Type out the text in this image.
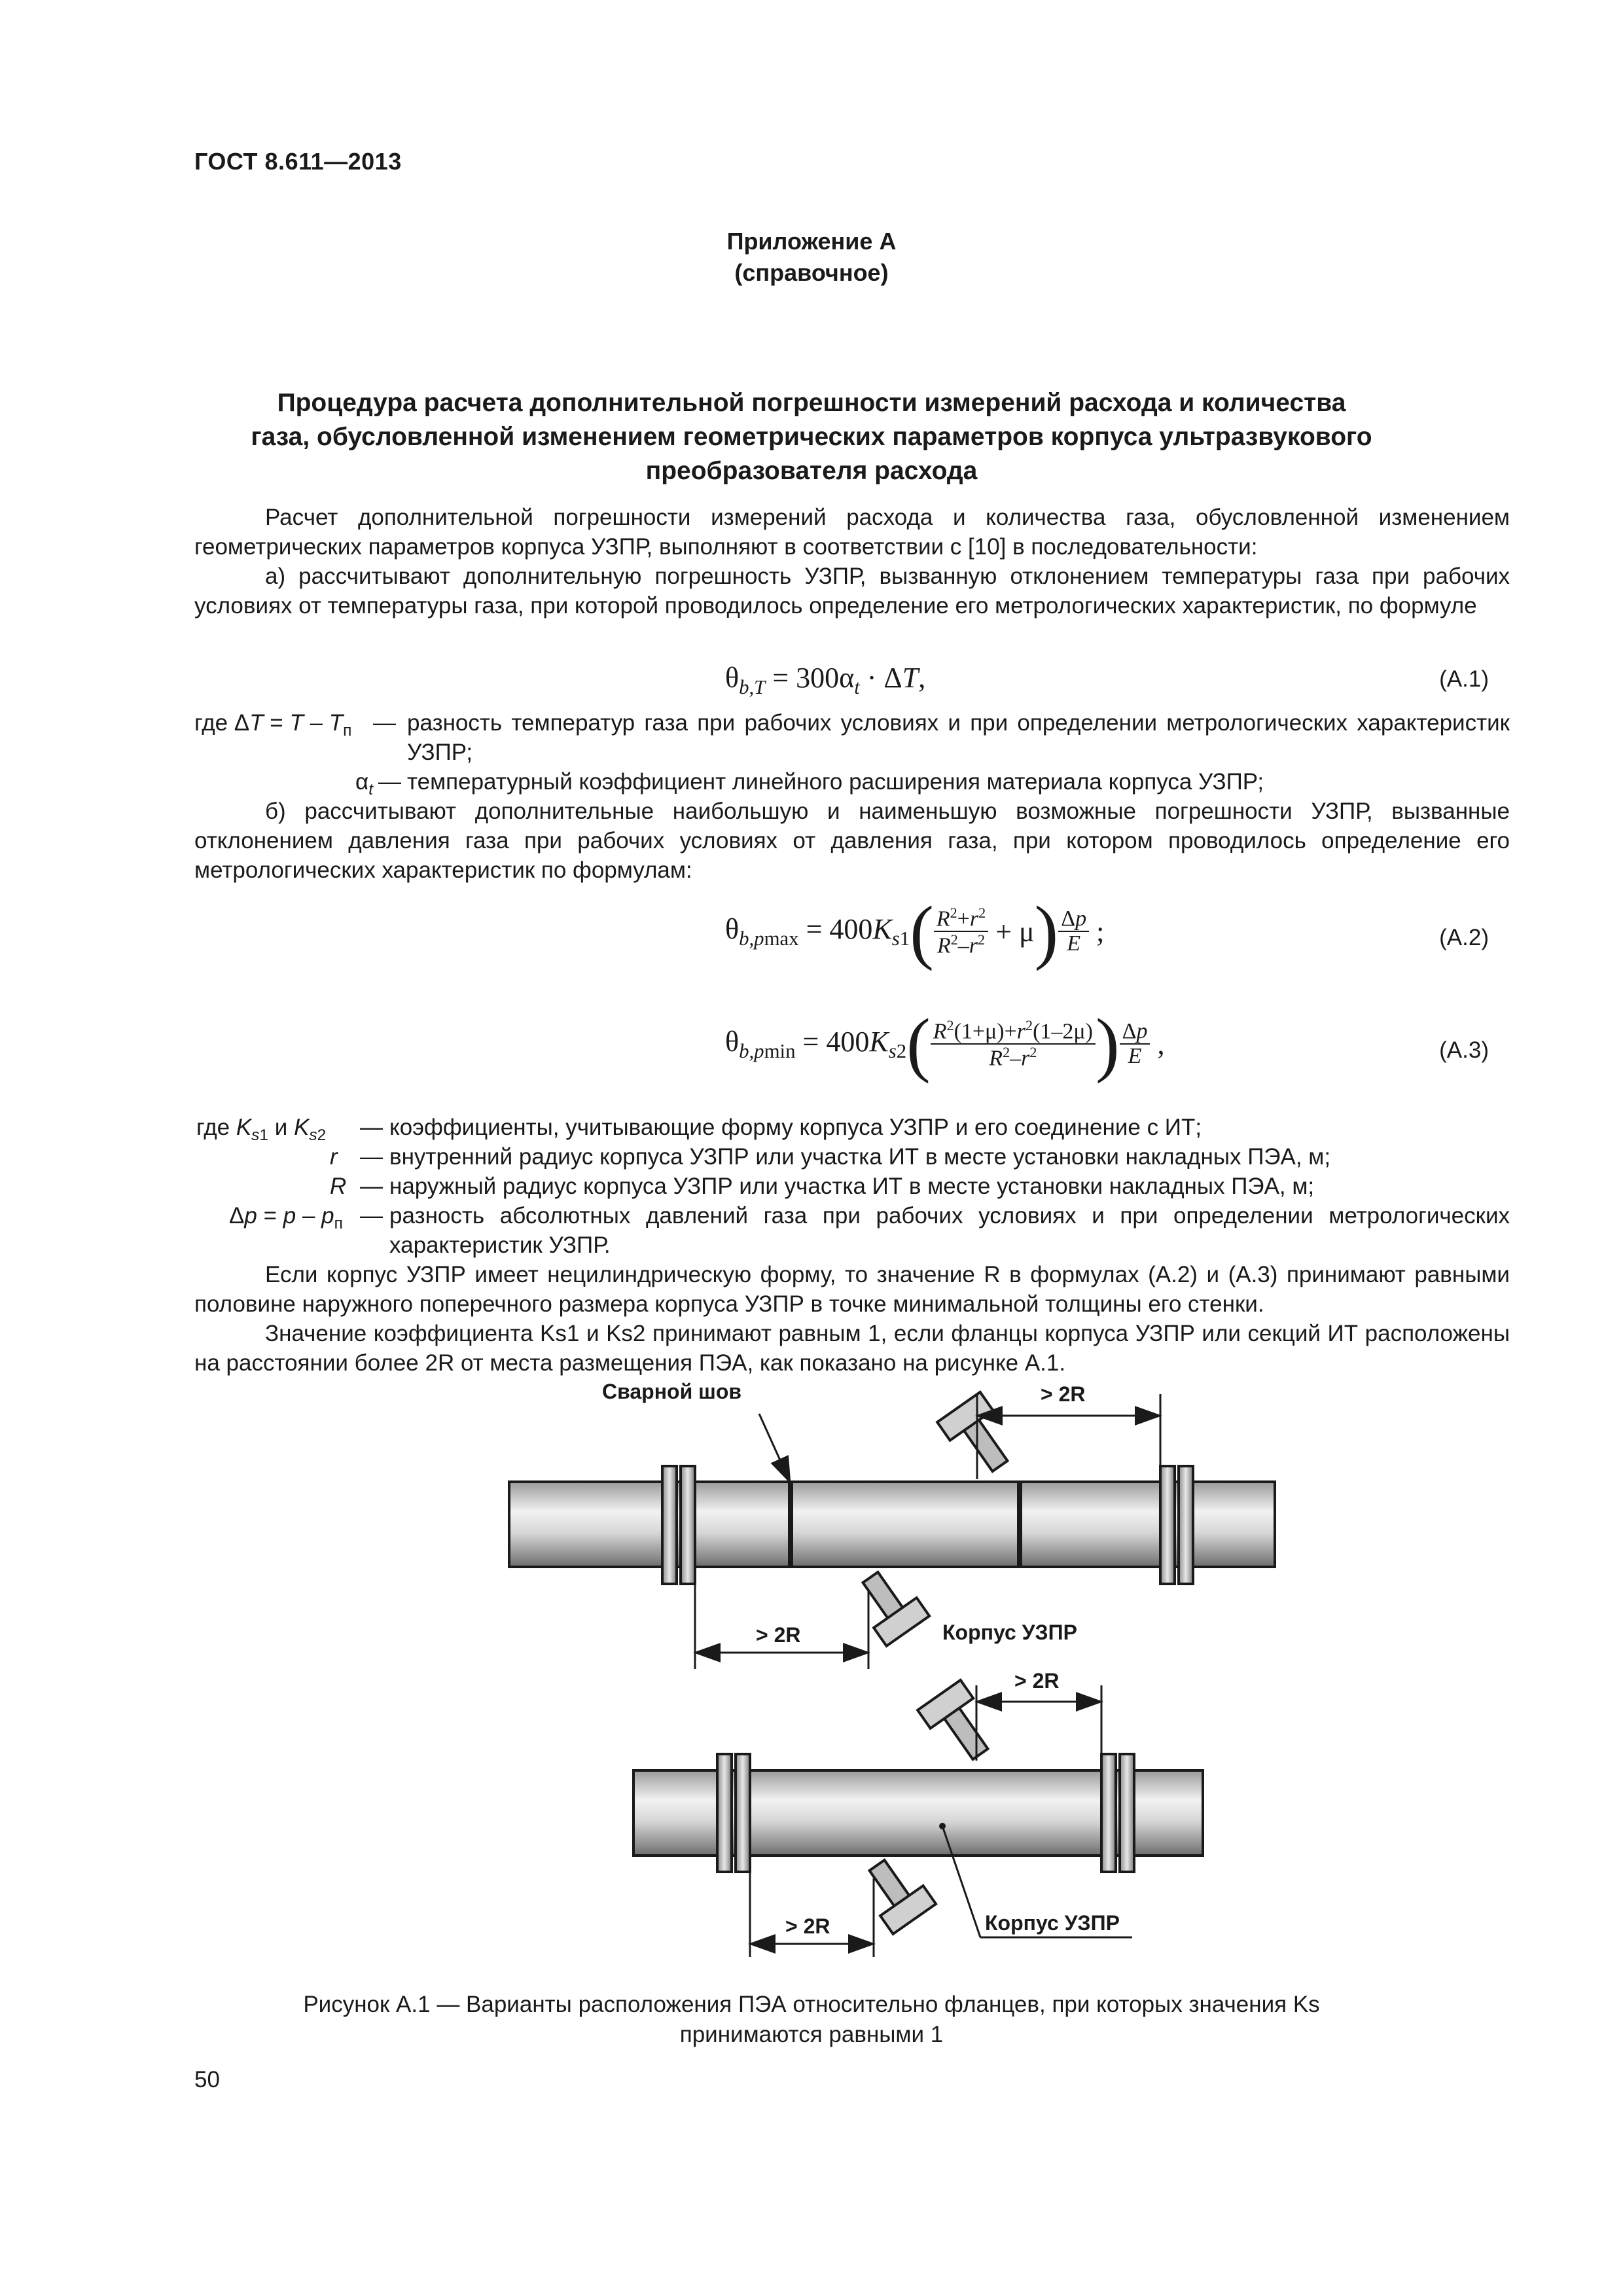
ГОСТ 8.611—2013
Приложение А
(справочное)
Процедура расчета дополнительной погрешности измерений расхода и количества
газа, обусловленной изменением геометрических параметров корпуса ультразвукового
преобразователя расхода
Расчет дополнительной погрешности измерений расхода и количества газа, обусловленной изменением геометрических параметров корпуса УЗПР, выполняют в соответствии с [10] в последовательности:
а) рассчитывают дополнительную погрешность УЗПР, вызванную отклонением температуры газа при рабочих условиях от температуры газа, при которой проводилось определение его метрологических характеристик, по формуле
$\theta_{b,T} = 300\alpha_t \cdot \Delta T$,	(А.1)
где $\Delta T = T - T_п$ — разность температур газа при рабочих условиях и при определении метрологических характеристик УЗПР;
$\alpha_t$ — температурный коэффициент линейного расширения материала корпуса УЗПР;
б) рассчитывают дополнительные наибольшую и наименьшую возможные погрешности УЗПР, вызванные отклонением давления газа при рабочих условиях от давления газа, при котором проводилось определение его метрологических характеристик по формулам:
$\theta_{b,pmax} = 400K_{s1}$ ( $\frac{R^2+r^2}{R^2-r^2} + \mu$ ) $\frac{\Delta p}{E}$ ;	(А.2)
$\theta_{b,pmin} = 400K_{s2}$ ( $\frac{R^2(1+\mu)+r^2(1-2\mu)}{R^2-r^2}$ ) $\frac{\Delta p}{E}$ ,	(А.3)
где $K_{s1}$ и $K_{s2}$ — коэффициенты, учитывающие форму корпуса УЗПР и его соединение с ИТ;
r — внутренний радиус корпуса УЗПР или участка ИТ в месте установки накладных ПЭА, м;
R — наружный радиус корпуса УЗПР или участка ИТ в месте установки накладных ПЭА, м;
$\Delta p = p - p_п$ — разность абсолютных давлений газа при рабочих условиях и при определении метрологических характеристик УЗПР.
Если корпус УЗПР имеет нецилиндрическую форму, то значение R в формулах (А.2) и (А.3) принимают равными половине наружного поперечного размера корпуса УЗПР в точке минимальной толщины его стенки.
Значение коэффициента Ks1 и Ks2 принимают равным 1, если фланцы корпуса УЗПР или секций ИТ расположены на расстоянии более 2R от места размещения ПЭА, как показано на рисунке А.1.
Сварной шов	> 2R
> 2R	Корпус УЗПР
> 2R
> 2R	Корпус УЗПР
Рисунок А.1 — Варианты расположения ПЭА относительно фланцев, при которых значения Ks
принимаются равными 1
50
